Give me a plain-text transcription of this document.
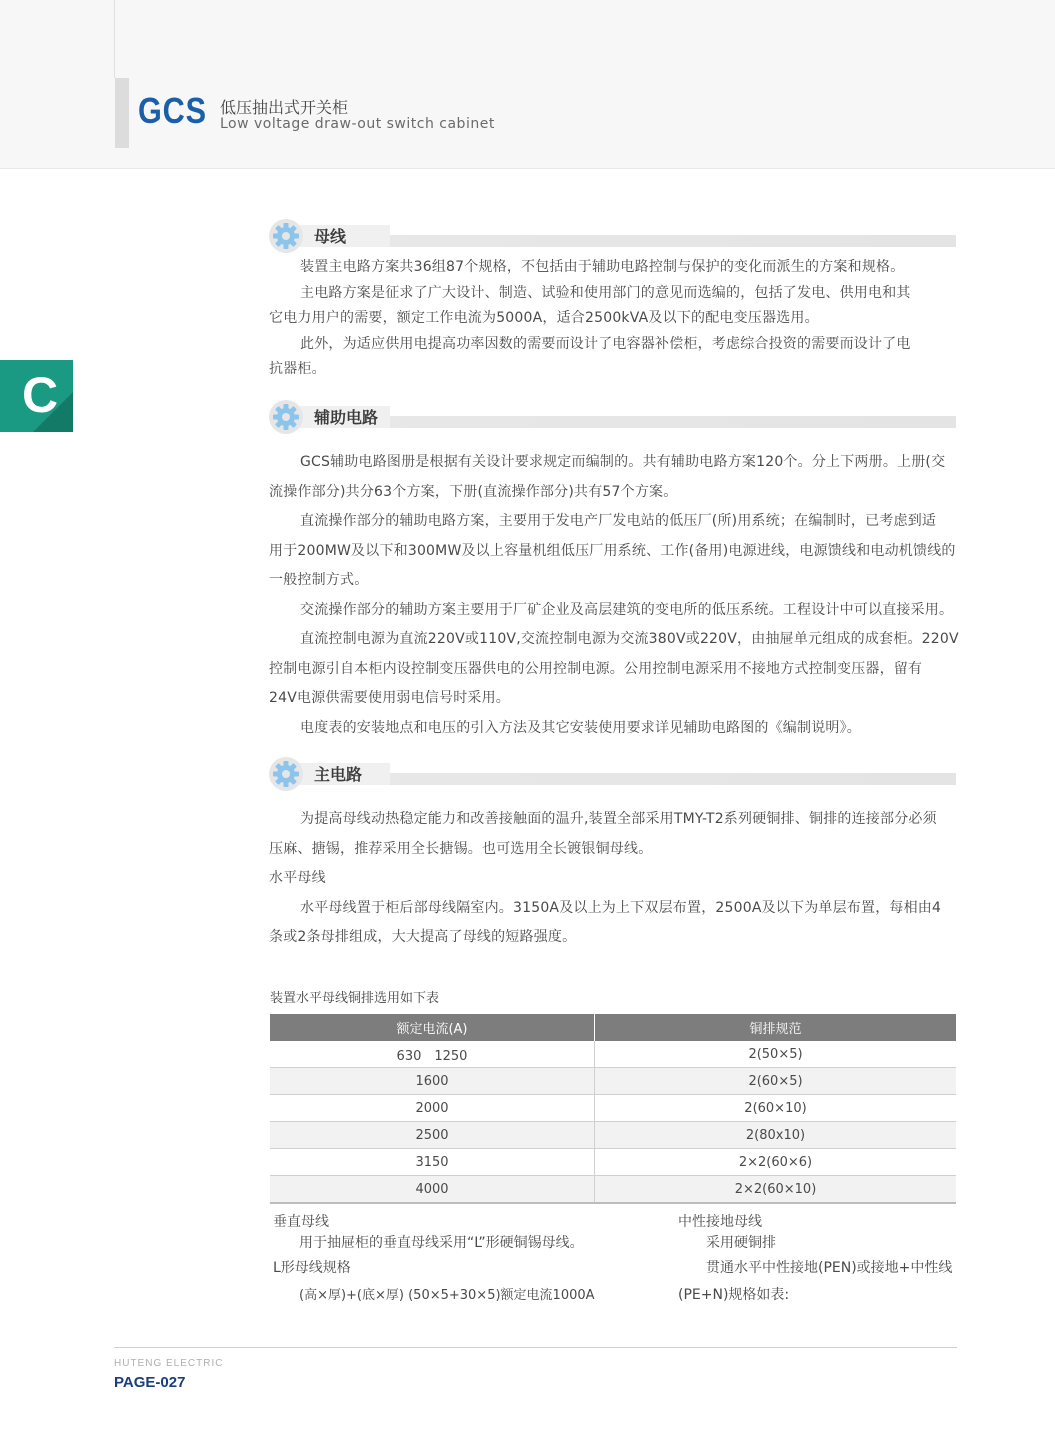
GCS 低压抽出式开关柜
Low voltage draw-out switch cabinet
C
母线
装置主电路方案共36组87个规格，不包括由于辅助电路控制与保护的变化而派生的方案和规格。
主电路方案是征求了广大设计、制造、试验和使用部门的意见而选编的，包括了发电、供用电和其
它电力用户的需要，额定工作电流为5000A，适合2500kVA及以下的配电变压器选用。
此外，为适应供用电提高功率因数的需要而设计了电容器补偿柜，考虑综合投资的需要而设计了电
抗器柜。
辅助电路
GCS辅助电路图册是根据有关设计要求规定而编制的。共有辅助电路方案120个。分上下两册。上册(交
流操作部分)共分63个方案，下册(直流操作部分)共有57个方案。
直流操作部分的辅助电路方案，主要用于发电产厂发电站的低压厂(所)用系统；在编制时，已考虑到适
用于200MW及以下和300MW及以上容量机组低压厂用系统、工作(备用)电源进线，电源馈线和电动机馈线的
一般控制方式。
交流操作部分的辅助方案主要用于厂矿企业及高层建筑的变电所的低压系统。工程设计中可以直接采用。
直流控制电源为直流220V或110V,交流控制电源为交流380V或220V，由抽屉单元组成的成套柜。220V
控制电源引自本柜内设控制变压器供电的公用控制电源。公用控制电源采用不接地方式控制变压器，留有
24V电源供需要使用弱电信号时采用。
电度表的安装地点和电压的引入方法及其它安装使用要求详见辅助电路图的《编制说明》。
主电路
为提高母线动热稳定能力和改善接触面的温升,装置全部采用TMY-T2系列硬铜排、铜排的连接部分必须
压麻、搪锡，推荐采用全长搪锡。也可选用全长镀银铜母线。
水平母线
水平母线置于柜后部母线隔室内。3150A及以上为上下双层布置，2500A及以下为单层布置，每相由4
条或2条母排组成，大大提高了母线的短路强度。
装置水平母线铜排选用如下表
额定电流(A)	铜排规范
630　1250	2(50×5)
1600	2(60×5)
2000	2(60×10)
2500	2(80x10)
3150	2×2(60×6)
4000	2×2(60×10)
垂直母线
用于抽屉柜的垂直母线采用“L”形硬铜锡母线。
L形母线规格
(高×厚)+(底×厚) (50×5+30×5)额定电流1000A
中性接地母线
采用硬铜排
贯通水平中性接地(PEN)或接地+中性线
(PE+N)规格如表:
HUTENG ELECTRIC
PAGE-027
